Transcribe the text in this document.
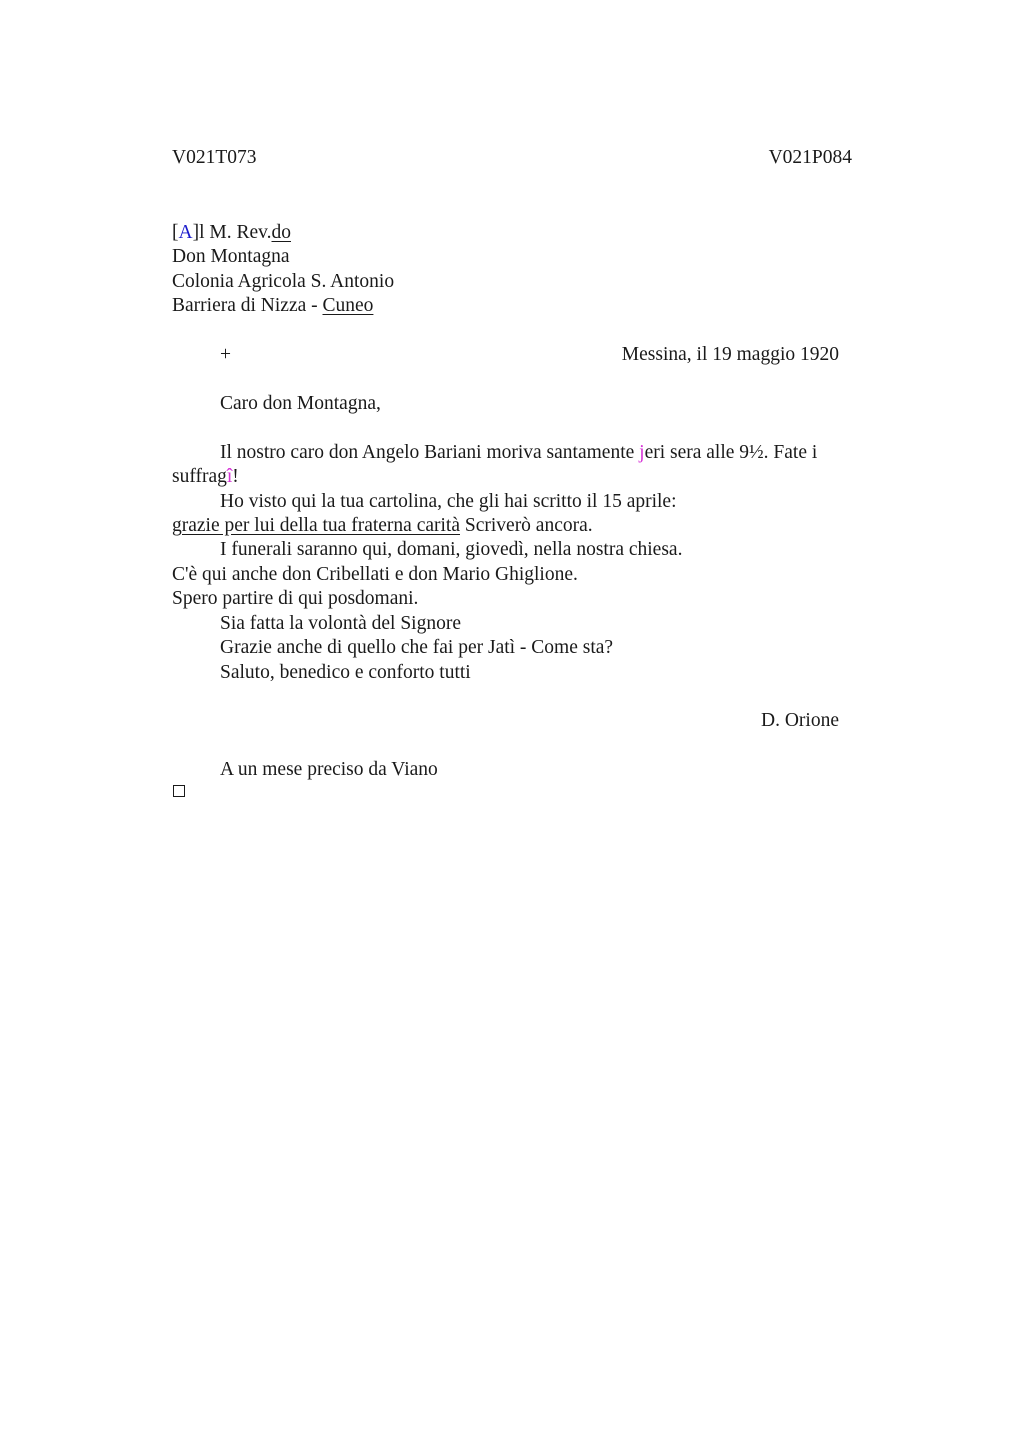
V021T073	V021P084
[A]l M. Rev.do
Don Montagna
Colonia Agricola S. Antonio
Barriera di Nizza - Cuneo
+	Messina, il 19 maggio 1920
Caro don Montagna,
Il nostro caro don Angelo Bariani moriva santamente jeri sera alle 9½. Fate i
suffragî!
Ho visto qui la tua cartolina, che gli hai scritto il 15 aprile:
grazie per lui della tua fraterna carità Scriverò ancora.
I funerali saranno qui, domani, giovedì, nella nostra chiesa.
C'è qui anche don Cribellati e don Mario Ghiglione.
Spero partire di qui posdomani.
Sia fatta la volontà del Signore
Grazie anche di quello che fai per Jatì - Come sta?
Saluto, benedico e conforto tutti
D. Orione
A un mese preciso da Viano
